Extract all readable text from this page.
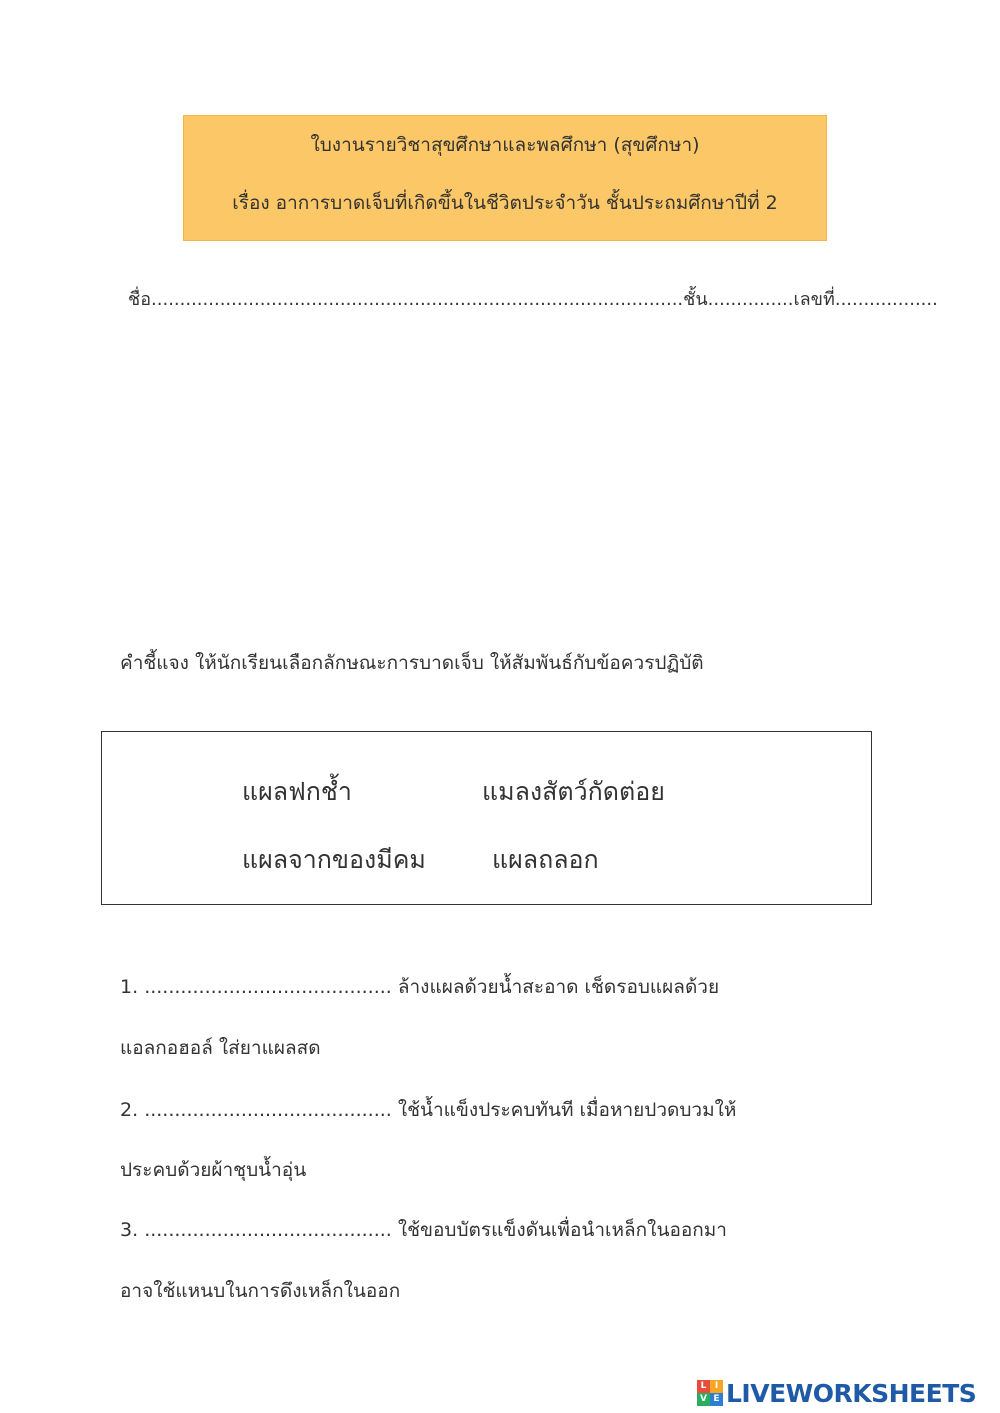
ใบงานรายวิชาสุขศึกษาและพลศึกษา (สุขศึกษา)
เรื่อง อาการบาดเจ็บที่เกิดขึ้นในชีวิตประจำวัน ชั้นประถมศึกษาปีที่ 2
ชื่อ.............................................................................................ชั้น...............เลขที่..................
คำชี้แจง ให้นักเรียนเลือกลักษณะการบาดเจ็บ ให้สัมพันธ์กับข้อควรปฏิบัติ
แผลฟกช้ำ	แมลงสัตว์กัดต่อย
แผลจากของมีคม	แผลถลอก
1. ......................................... ล้างแผลด้วยน้ำสะอาด เช็ดรอบแผลด้วย
แอลกอฮอล์ ใส่ยาแผลสด
2. ......................................... ใช้น้ำแข็งประคบทันที เมื่อหายปวดบวมให้
ประคบด้วยผ้าชุบน้ำอุ่น
3. ......................................... ใช้ขอบบัตรแข็งดันเพื่อนำเหล็กในออกมา
อาจใช้แหนบในการดึงเหล็กในออก
L I
V E LIVEWORKSHEETS
